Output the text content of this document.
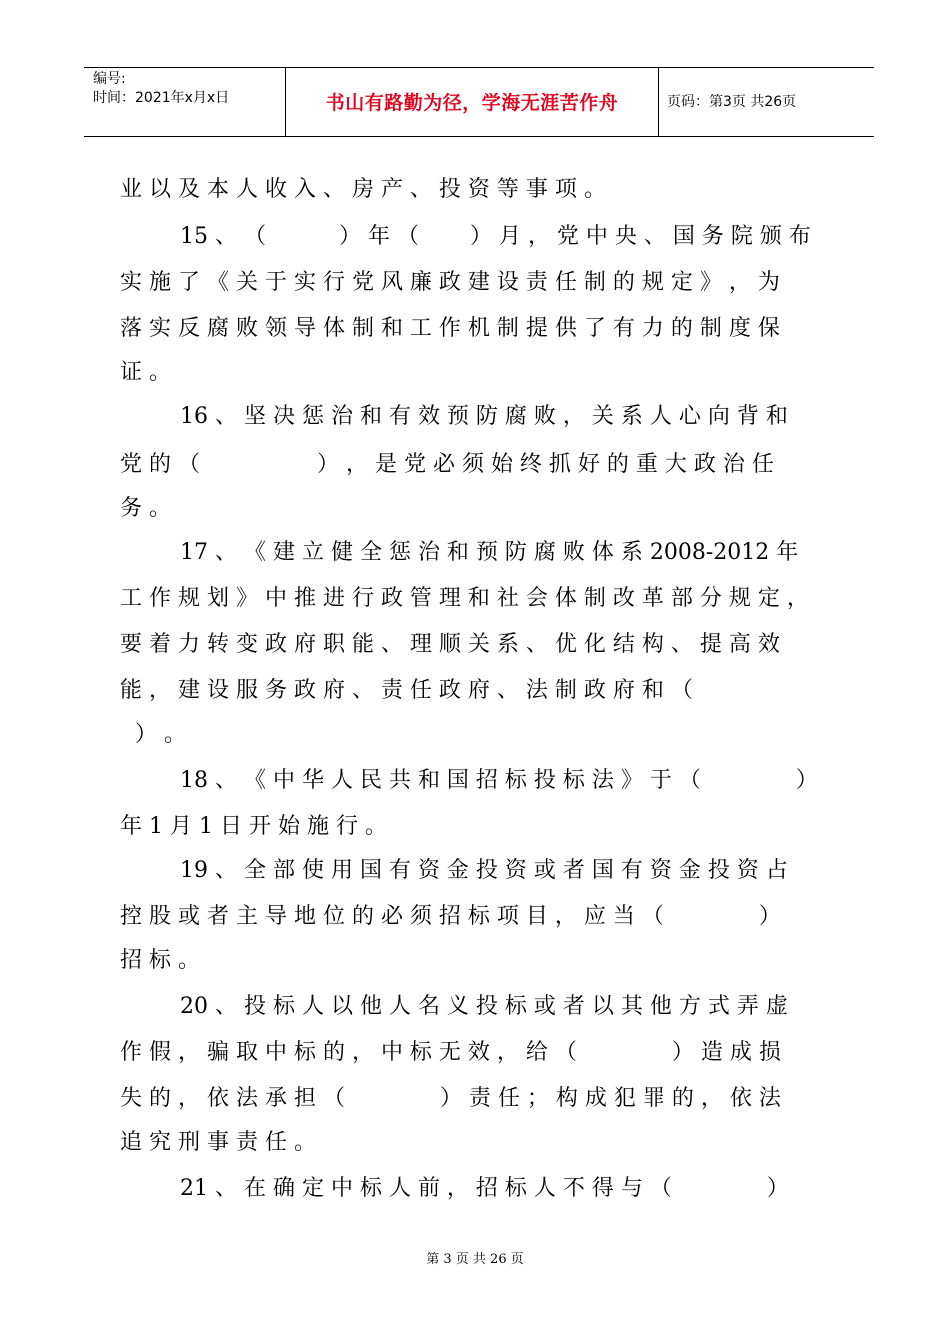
编号:
时间：2021年x月x日	书山有路勤为径，学海无涯苦作舟	页码：第3页 共26页
业 以 及 本 人 收 入 、 房 产 、 投 资 等 事 项 。
15 、 （　　　 ） 年 （　　 ） 月 ， 党 中 央 、 国 务 院 颁 布
实 施 了 《 关 于 实 行 党 风 廉 政 建 设 责 任 制 的 规 定 》 ， 为
落 实 反 腐 败 领 导 体 制 和 工 作 机 制 提 供 了 有 力 的 制 度 保
证 。
16 、 坚 决 惩 治 和 有 效 预 防 腐 败 ， 关 系 人 心 向 背 和
党 的 （　　　　　 ） ， 是 党 必 须 始 终 抓 好 的 重 大 政 治 任
务 。
17 、 《 建 立 健 全 惩 治 和 预 防 腐 败 体 系 2008-2012 年
工 作 规 划 》 中 推 进 行 政 管 理 和 社 会 体 制 改 革 部 分 规 定 ，
要 着 力 转 变 政 府 职 能 、 理 顺 关 系 、 优 化 结 构 、 提 高 效
能 ， 建 设 服 务 政 府 、 责 任 政 府 、 法 制 政 府 和 （
） 。
18 、 《 中 华 人 民 共 和 国 招 标 投 标 法 》 于 （　　　　 ）
年 1 月 1 日 开 始 施 行 。
19 、 全 部 使 用 国 有 资 金 投 资 或 者 国 有 资 金 投 资 占
控 股 或 者 主 导 地 位 的 必 须 招 标 项 目 ， 应 当 （　　　　 ）
招 标 。
20 、 投 标 人 以 他 人 名 义 投 标 或 者 以 其 他 方 式 弄 虚
作 假 ， 骗 取 中 标 的 ， 中 标 无 效 ， 给 （　　　　 ） 造 成 损
失 的 ， 依 法 承 担 （　　　　 ） 责 任 ； 构 成 犯 罪 的 ， 依 法
追 究 刑 事 责 任 。
21 、 在 确 定 中 标 人 前 ， 招 标 人 不 得 与 （　　　　 ）
第 3 页 共 26 页
